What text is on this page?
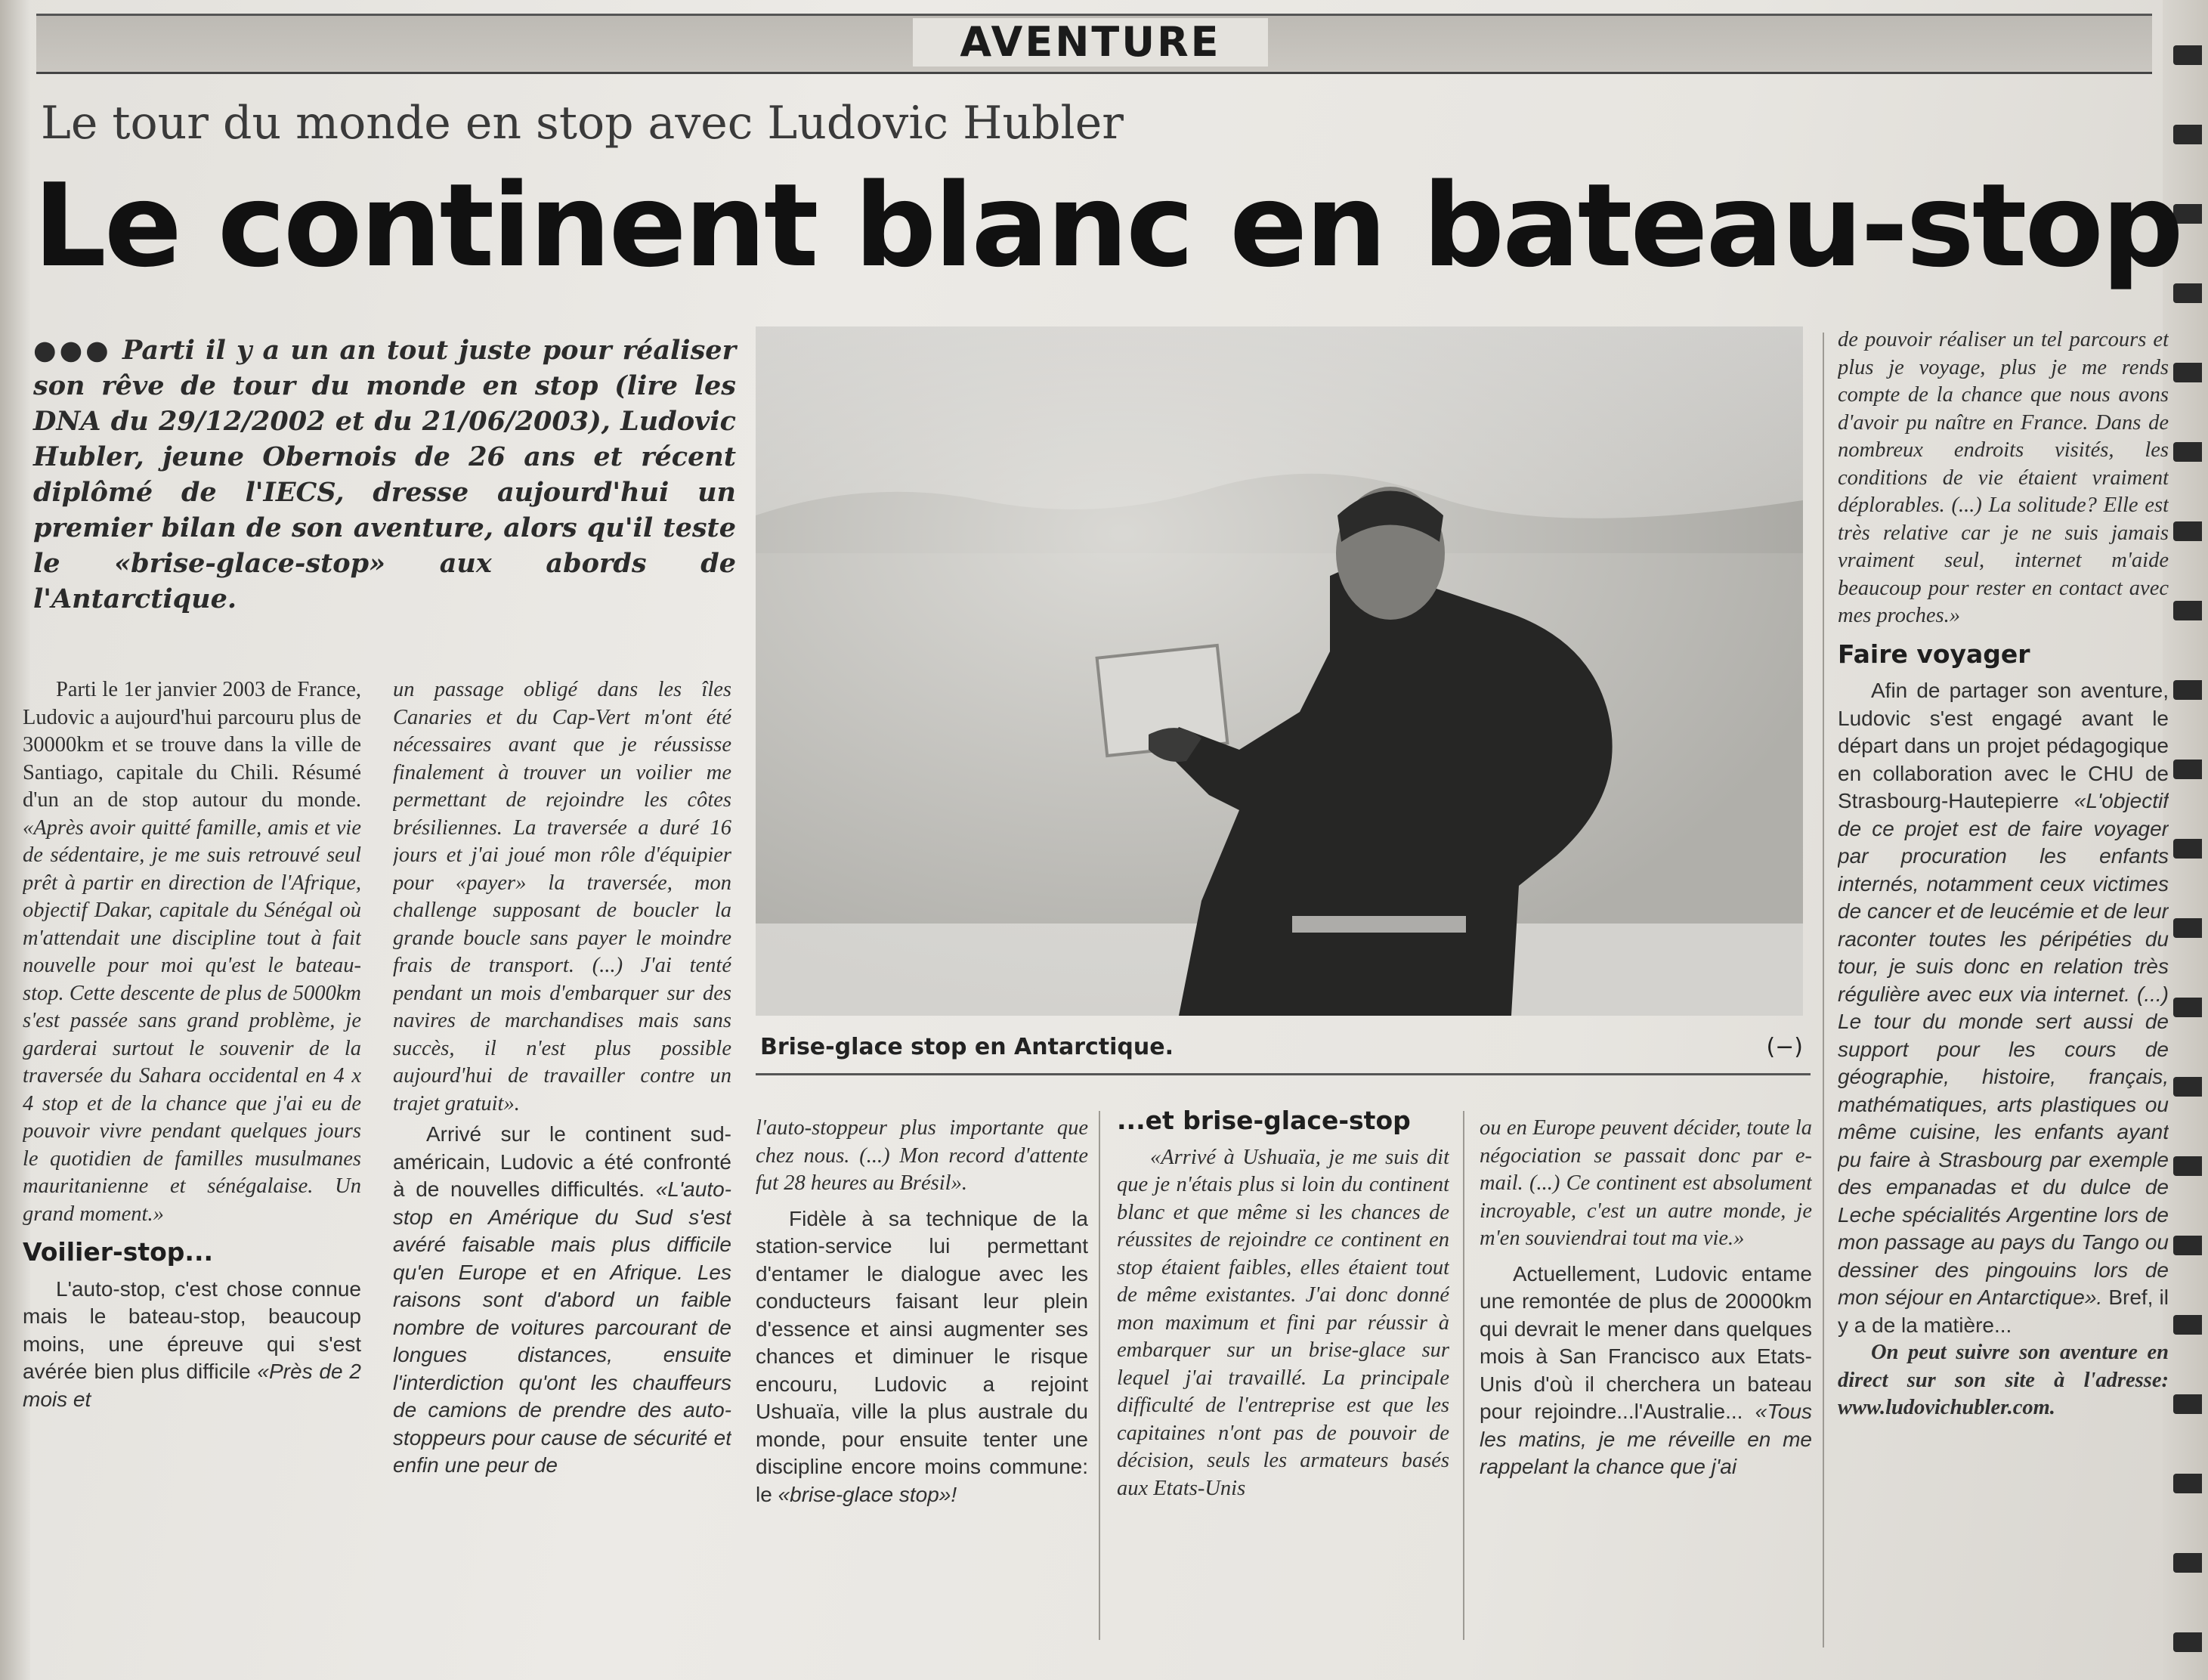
AVENTURE
Le tour du monde en stop avec Ludovic Hubler
Le continent blanc en bateau-stop
●●● Parti il y a un an tout juste pour réaliser son rêve de tour du monde en stop (lire les DNA du 29/12/2002 et du 21/06/2003), Ludovic Hubler, jeune Obernois de 26 ans et récent diplômé de l'IECS, dresse aujourd'hui un premier bilan de son aventure, alors qu'il teste le «brise-glace-stop» aux abords de l'Antarctique.

Parti le 1er janvier 2003 de France, Ludovic a aujourd'hui parcouru plus de 30000km et se trouve dans la ville de Santiago, capitale du Chili. Résumé d'un an de stop autour du monde. «Après avoir quitté famille, amis et vie de sédentaire, je me suis retrouvé seul prêt à partir en direction de l'Afrique, objectif Dakar, capitale du Sénégal où m'attendait une discipline tout à fait nouvelle pour moi qu'est le bateau-stop. Cette descente de plus de 5000km s'est passée sans grand problème, je garderai surtout le souvenir de la traversée du Sahara occidental en 4 x 4 stop et de la chance que j'ai eu de pouvoir vivre pendant quelques jours le quotidien de familles musulmanes mauritanienne et sénégalaise. Un grand moment.»

Voilier-stop...

L'auto-stop, c'est chose connue mais le bateau-stop, beaucoup moins, une épreuve qui s'est avérée bien plus difficile «Près de 2 mois et

un passage obligé dans les îles Canaries et du Cap-Vert m'ont été nécessaires avant que je réussisse finalement à trouver un voilier me permettant de rejoindre les côtes brésiliennes. La traversée a duré 16 jours et j'ai joué mon rôle d'équipier pour «payer» la traversée, mon challenge supposant de boucler la grande boucle sans payer le moindre frais de transport. (...) J'ai tenté pendant un mois d'embarquer sur des navires de marchandises mais sans succès, il n'est plus possible aujourd'hui de travailler contre un trajet gratuit».

Arrivé sur le continent sud-américain, Ludovic a été confronté à de nouvelles difficultés. «L'auto-stop en Amérique du Sud s'est avéré faisable mais plus difficile qu'en Europe et en Afrique. Les raisons sont d'abord un faible nombre de voitures parcourant de longues distances, ensuite l'interdiction qu'ont les chauffeurs de camions de prendre des auto-stoppeurs pour cause de sécurité et enfin une peur de

Brise-glace stop en Antarctique.	(−)

l'auto-stoppeur plus importante que chez nous. (...) Mon record d'attente fut 28 heures au Brésil».

Fidèle à sa technique de la station-service lui permettant d'entamer le dialogue avec les conducteurs faisant leur plein d'essence et ainsi augmenter ses chances et diminuer le risque encouru, Ludovic a rejoint Ushuaïa, ville la plus australe du monde, pour ensuite tenter une discipline encore moins commune: le «brise-glace stop»!

...et brise-glace-stop

«Arrivé à Ushuaïa, je me suis dit que je n'étais plus si loin du continent blanc et que même si les chances de réussites de rejoindre ce continent en stop étaient faibles, elles étaient tout de même existantes. J'ai donc donné mon maximum et fini par réussir à embarquer sur un brise-glace sur lequel j'ai travaillé. La principale difficulté de l'entreprise est que les capitaines n'ont pas de pouvoir de décision, seuls les armateurs basés aux Etats-Unis

ou en Europe peuvent décider, toute la négociation se passait donc par e-mail. (...) Ce continent est absolument incroyable, c'est un autre monde, je m'en souviendrai tout ma vie.»

Actuellement, Ludovic entame une remontée de plus de 20000km qui devrait le mener dans quelques mois à San Francisco aux Etats-Unis d'où il cherchera un bateau pour rejoindre...l'Australie... «Tous les matins, je me réveille en me rappelant la chance que j'ai

de pouvoir réaliser un tel parcours et plus je voyage, plus je me rends compte de la chance que nous avons d'avoir pu naître en France. Dans de nombreux endroits visités, les conditions de vie étaient vraiment déplorables. (...) La solitude? Elle est très relative car je ne suis jamais vraiment seul, internet m'aide beaucoup pour rester en contact avec mes proches.»

Faire voyager

Afin de partager son aventure, Ludovic s'est engagé avant le départ dans un projet pédagogique en collaboration avec le CHU de Strasbourg-Hautepierre «L'objectif de ce projet est de faire voyager par procuration les enfants internés, notamment ceux victimes de cancer et de leucémie et de leur raconter toutes les péripéties du tour, je suis donc en relation très régulière avec eux via internet. (...) Le tour du monde sert aussi de support pour les cours de géographie, histoire, français, mathématiques, arts plastiques ou même cuisine, les enfants ayant pu faire à Strasbourg par exemple des empanadas et du dulce de Leche spécialités Argentine lors de mon passage au pays du Tango ou dessiner des pingouins lors de mon séjour en Antarctique». Bref, il y a de la matière...

On peut suivre son aventure en direct sur son site à l'adresse: www.ludovichubler.com.
